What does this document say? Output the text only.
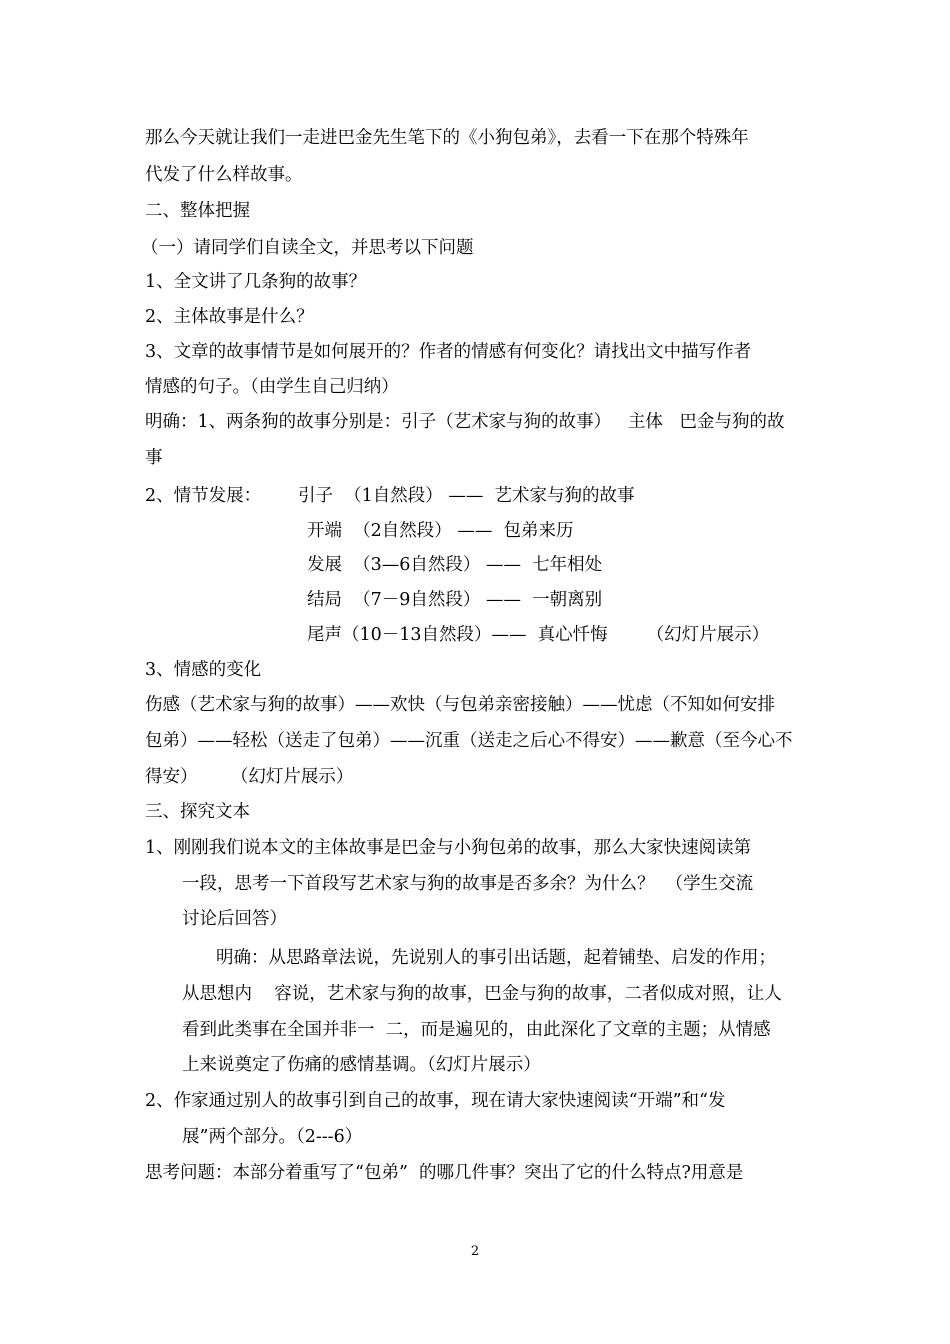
那么今天就让我们一走进巴金先生笔下的《小狗包弟》，去看一下在那个特殊年
代发了什么样故事。
二、整体把握
（一）请同学们自读全文，并思考以下问题
1、全文讲了几条狗的故事？
2、主体故事是什么？
3、文章的故事情节是如何展开的？作者的情感有何变化？请找出文中描写作者
情感的句子。（由学生自己归纳）
明确：1、两条狗的故事分别是：引子（艺术家与狗的故事）   主体   巴金与狗的故
事
2、情节发展： 引子  （1自然段） ——  艺术家与狗的故事
开端  （2自然段） ——  包弟来历
发展  （3—6自然段） ——  七年相处
结局  （7－9自然段） ——  一朝离别
尾声（10－13自然段）——  真心忏悔       （幻灯片展示）
3、情感的变化
伤感（艺术家与狗的故事）——欢快（与包弟亲密接触）——忧虑（不知如何安排
包弟）——轻松（送走了包弟）——沉重（送走之后心不得安）——歉意（至今心不
得安）      （幻灯片展示）
三、探究文本
1、刚刚我们说本文的主体故事是巴金与小狗包弟的故事，那么大家快速阅读第
一段，思考一下首段写艺术家与狗的故事是否多余？为什么？  （学生交流
讨论后回答）
明确：从思路章法说，先说别人的事引出话题，起着铺垫、启发的作用；
从思想内    容说，艺术家与狗的故事，巴金与狗的故事，二者似成对照，让人
看到此类事在全国并非一  二，而是遍见的，由此深化了文章的主题；从情感
上来说奠定了伤痛的感情基调。（幻灯片展示）
2、作家通过别人的故事引到自己的故事，现在请大家快速阅读“开端”和“发
展”两个部分。（2---6）
思考问题：本部分着重写了“包弟”  的哪几件事？突出了它的什么特点?用意是
2
